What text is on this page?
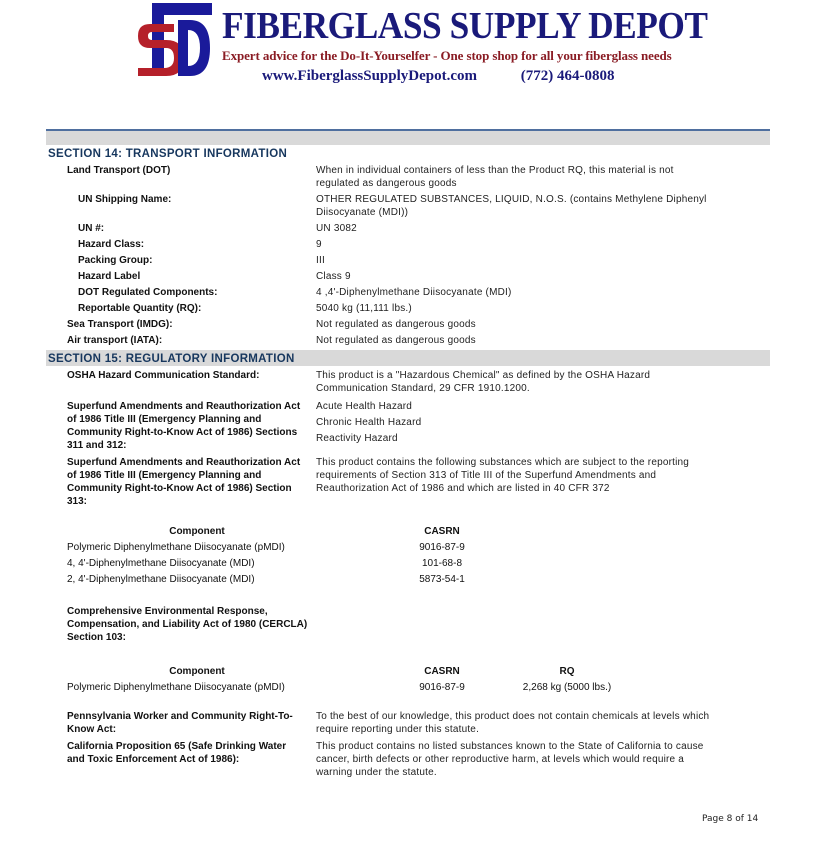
FIBERGLASS SUPPLY DEPOT
Expert advice for the Do-It-Yourselfer - One stop shop for all your fiberglass needs
www.FiberglassSupplyDepot.com	(772) 464-0808
SECTION 14: TRANSPORT INFORMATION
Land Transport (DOT)	When in individual containers of less than the Product RQ, this material is not regulated as dangerous goods
UN Shipping Name:	OTHER REGULATED SUBSTANCES, LIQUID, N.O.S. (contains Methylene Diphenyl Diisocyanate (MDI))
UN #:	UN 3082
Hazard Class:	9
Packing Group:	III
Hazard Label	Class 9
DOT Regulated Components:	4 ,4'-Diphenylmethane Diisocyanate (MDI)
Reportable Quantity (RQ):	5040 kg (11,111 lbs.)
Sea Transport (IMDG):	Not regulated as dangerous goods
Air transport (IATA):	Not regulated as dangerous goods
SECTION 15: REGULATORY INFORMATION
OSHA Hazard Communication Standard:	This product is a "Hazardous Chemical" as defined by the OSHA Hazard Communication Standard, 29 CFR 1910.1200.
Superfund Amendments and Reauthorization Act of 1986 Title III (Emergency Planning and Community Right-to-Know Act of 1986) Sections 311 and 312:
Acute Health Hazard
Chronic Health Hazard
Reactivity Hazard
Superfund Amendments and Reauthorization Act of 1986 Title III (Emergency Planning and Community Right-to-Know Act of 1986) Section 313:
This product contains the following substances which are subject to the reporting requirements of Section 313 of Title III of the Superfund Amendments and Reauthorization Act of 1986 and which are listed in 40 CFR 372
Component	CASRN
Polymeric Diphenylmethane Diisocyanate (pMDI)	9016-87-9
4, 4'-Diphenylmethane Diisocyanate (MDI)	101-68-8
2, 4'-Diphenylmethane Diisocyanate (MDI)	5873-54-1
Comprehensive Environmental Response, Compensation, and Liability Act of 1980 (CERCLA) Section 103:
Component	CASRN	RQ
Polymeric Diphenylmethane Diisocyanate (pMDI)	9016-87-9	2,268 kg (5000 lbs.)
Pennsylvania Worker and Community Right-To-Know Act:
To the best of our knowledge, this product does not contain chemicals at levels which require reporting under this statute.
California Proposition 65 (Safe Drinking Water and Toxic Enforcement Act of 1986):
This product contains no listed substances known to the State of California to cause cancer, birth defects or other reproductive harm, at levels which would require a warning under the statute.
Page 8 of 14
